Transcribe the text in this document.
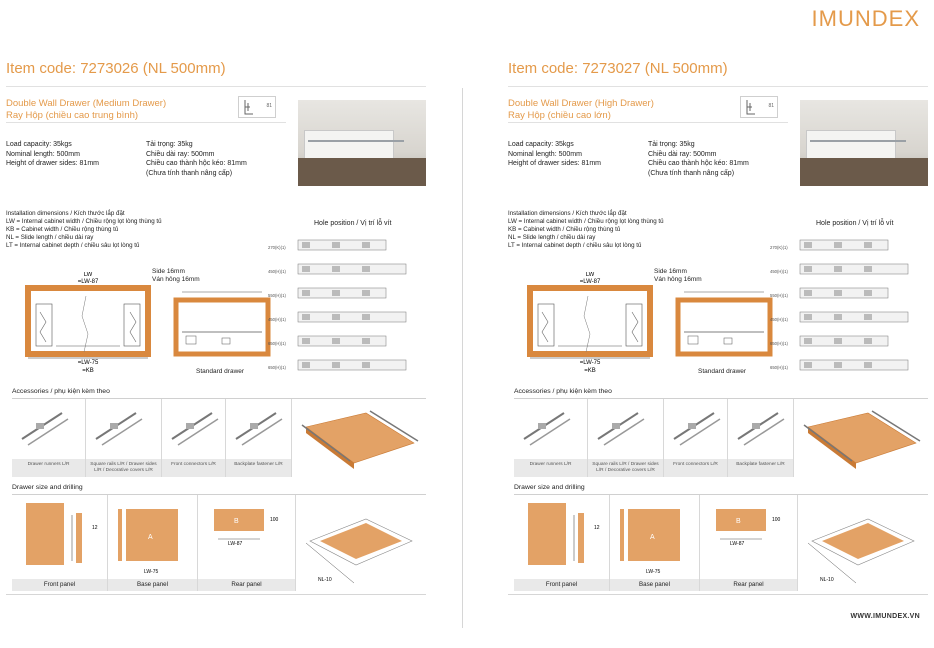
IMUNDEX
Item code: 7273026 (NL 500mm)
Double Wall Drawer (Medium Drawer)
Ray Hộp (chiều cao trung bình)
81
Load capacity: 35kgs
Nominal length: 500mm
Height of drawer sides: 81mm
Tải trọng: 35kg
Chiều dài ray: 500mm
Chiều cao thành hộc kéo: 81mm
(Chưa tính thanh nâng cấp)
Installation dimensions / Kích thước lắp đặt
LW = Internal cabinet width / Chiều rộng lọt lòng thùng tủ
KB = Cabinet width / Chiều rộng thùng tủ
NL = Slide length / chiều dài ray
LT = Internal cabinet depth / chiều sâu lọt lòng tủ
Hole position / Vị trí lỗ vít
Side 16mm
Ván hông 16mm
LW
=LW-87
=LW-75
=KB	Standard drawer
270(K)(1)
450(H)(1)
550(H)(1)
450(H)(1)
650(H)(1)
650(H)(1)
Accessories / phụ kiện kèm theo
Drawer runners L/R	Square rails L/R / Drawer sides L/R / Decorative covers L/R
Front connectors L/R	Backplate fastener L/R
Drawer size and drilling
12
Front panel
A
LW-75
Base panel
B
LW-87
100
Rear panel
NL-10
Item code: 7273027 (NL 500mm)
Double Wall Drawer (High Drawer)
Ray Hộp (chiều cao lớn)
81
Load capacity: 35kgs
Nominal length: 500mm
Height of drawer sides: 81mm
Tải trọng: 35kg
Chiều dài ray: 500mm
Chiều cao thành hộc kéo: 81mm
(Chưa tính thanh nâng cấp)
Installation dimensions / Kích thước lắp đặt
LW = Internal cabinet width / Chiều rộng lọt lòng thùng tủ
KB = Cabinet width / Chiều rộng thùng tủ
NL = Slide length / chiều dài ray
LT = Internal cabinet depth / chiều sâu lọt lòng tủ
Hole position / Vị trí lỗ vít
Side 16mm
Ván hông 16mm
LW
=LW-87
=LW-75
=KB	Standard drawer
270(K)(1)
450(H)(1)
550(H)(1)
450(H)(1)
650(H)(1)
650(H)(1)
Accessories / phụ kiện kèm theo
Drawer runners L/R	Square rails L/R / Drawer sides L/R / Decorative covers L/R
Front connectors L/R	Backplate fastener L/R
Drawer size and drilling
12
Front panel
A
LW-75
Base panel
B
LW-87
100
Rear panel
NL-10
WWW.IMUNDEX.VN
